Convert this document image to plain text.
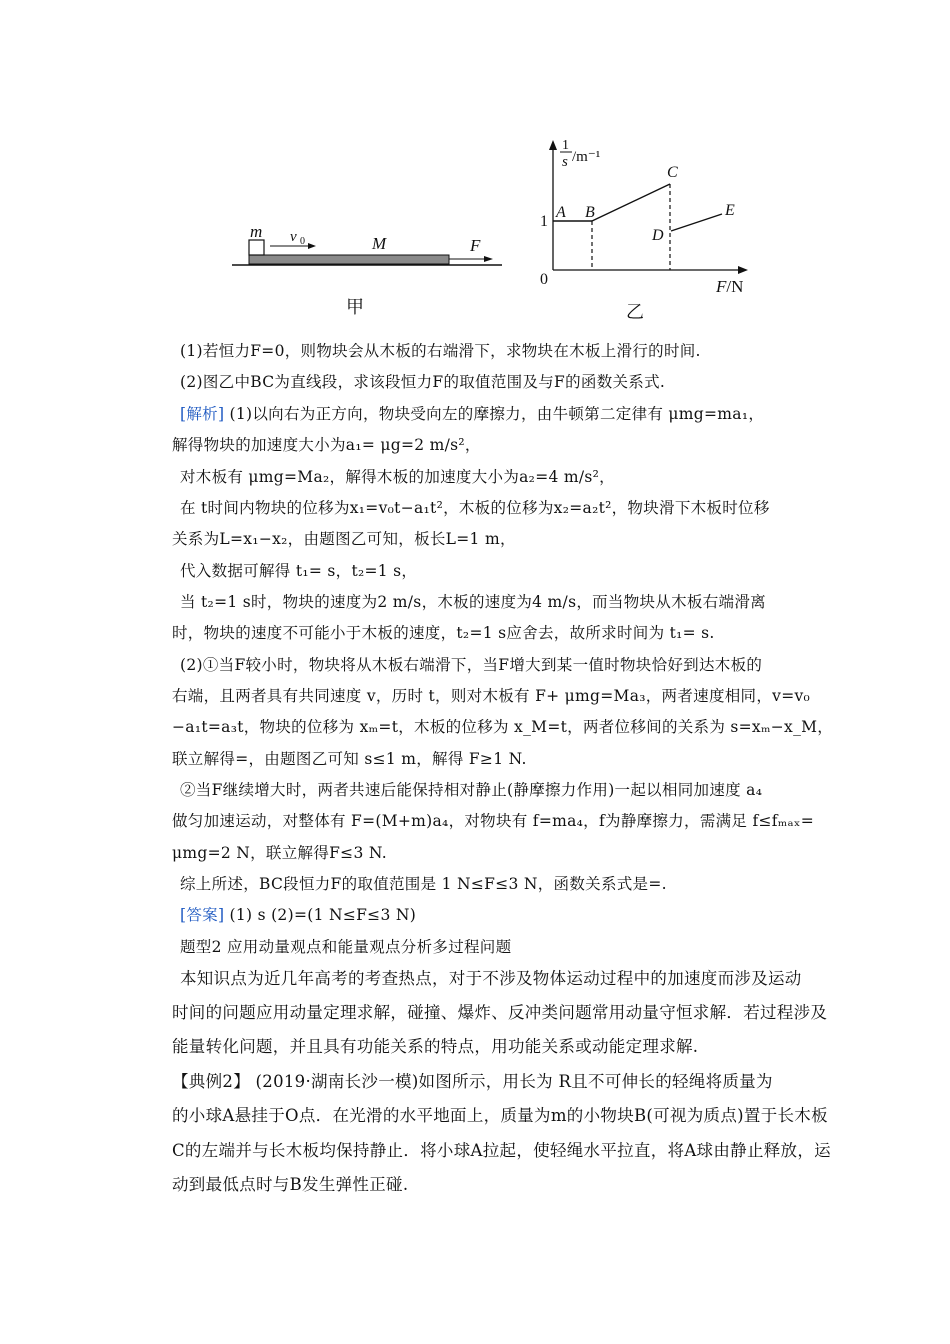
m v 0	M	F
甲
1
s /m⁻¹
1
0	F/N
A B
C
D
E
乙
(1)若恒力F=0，则物块会从木板的右端滑下，求物块在木板上滑行的时间.
(2)图乙中BC为直线段，求该段恒力F的取值范围及与F的函数关系式.
[解析] (1)以向右为正方向，物块受向左的摩擦力，由牛顿第二定律有 μmg=ma₁，
解得物块的加速度大小为a₁= μg=2 m/s²，
对木板有 μmg=Ma₂，解得木板的加速度大小为a₂=4 m/s²，
在 t时间内物块的位移为x₁=v₀t−a₁t²，木板的位移为x₂=a₂t²，物块滑下木板时位移
关系为L=x₁−x₂，由题图乙可知，板长L=1 m，
代入数据可解得 t₁= s，t₂=1 s，
当 t₂=1 s时，物块的速度为2 m/s，木板的速度为4 m/s，而当物块从木板右端滑离
时，物块的速度不可能小于木板的速度，t₂=1 s应舍去，故所求时间为 t₁= s.
(2)①当F较小时，物块将从木板右端滑下，当F增大到某一值时物块恰好到达木板的
右端，且两者具有共同速度 v，历时 t，则对木板有 F+ μmg=Ma₃，两者速度相同，v=v₀
−a₁t=a₃t，物块的位移为 xₘ=t，木板的位移为 x_M=t，两者位移间的关系为 s=xₘ−x_M，
联立解得=，由题图乙可知 s≤1 m，解得 F≥1 N.
②当F继续增大时，两者共速后能保持相对静止(静摩擦力作用)一起以相同加速度 a₄
做匀加速运动，对整体有 F=(M+m)a₄，对物块有 f=ma₄，f为静摩擦力，需满足 f≤fₘₐₓ=
μmg=2 N，联立解得F≤3 N.
综上所述，BC段恒力F的取值范围是 1 N≤F≤3 N，函数关系式是=.
[答案] (1) s (2)=(1 N≤F≤3 N)
题型2 应用动量观点和能量观点分析多过程问题
本知识点为近几年高考的考查热点，对于不涉及物体运动过程中的加速度而涉及运动
时间的问题应用动量定理求解，碰撞、爆炸、反冲类问题常用动量守恒求解．若过程涉及
能量转化问题，并且具有功能关系的特点，用功能关系或动能定理求解.
【典例2】 (2019·湖南长沙一模)如图所示，用长为 R且不可伸长的轻绳将质量为
的小球A悬挂于O点．在光滑的水平地面上，质量为m的小物块B(可视为质点)置于长木板
C的左端并与长木板均保持静止．将小球A拉起，使轻绳水平拉直，将A球由静止释放，运
动到最低点时与B发生弹性正碰.
